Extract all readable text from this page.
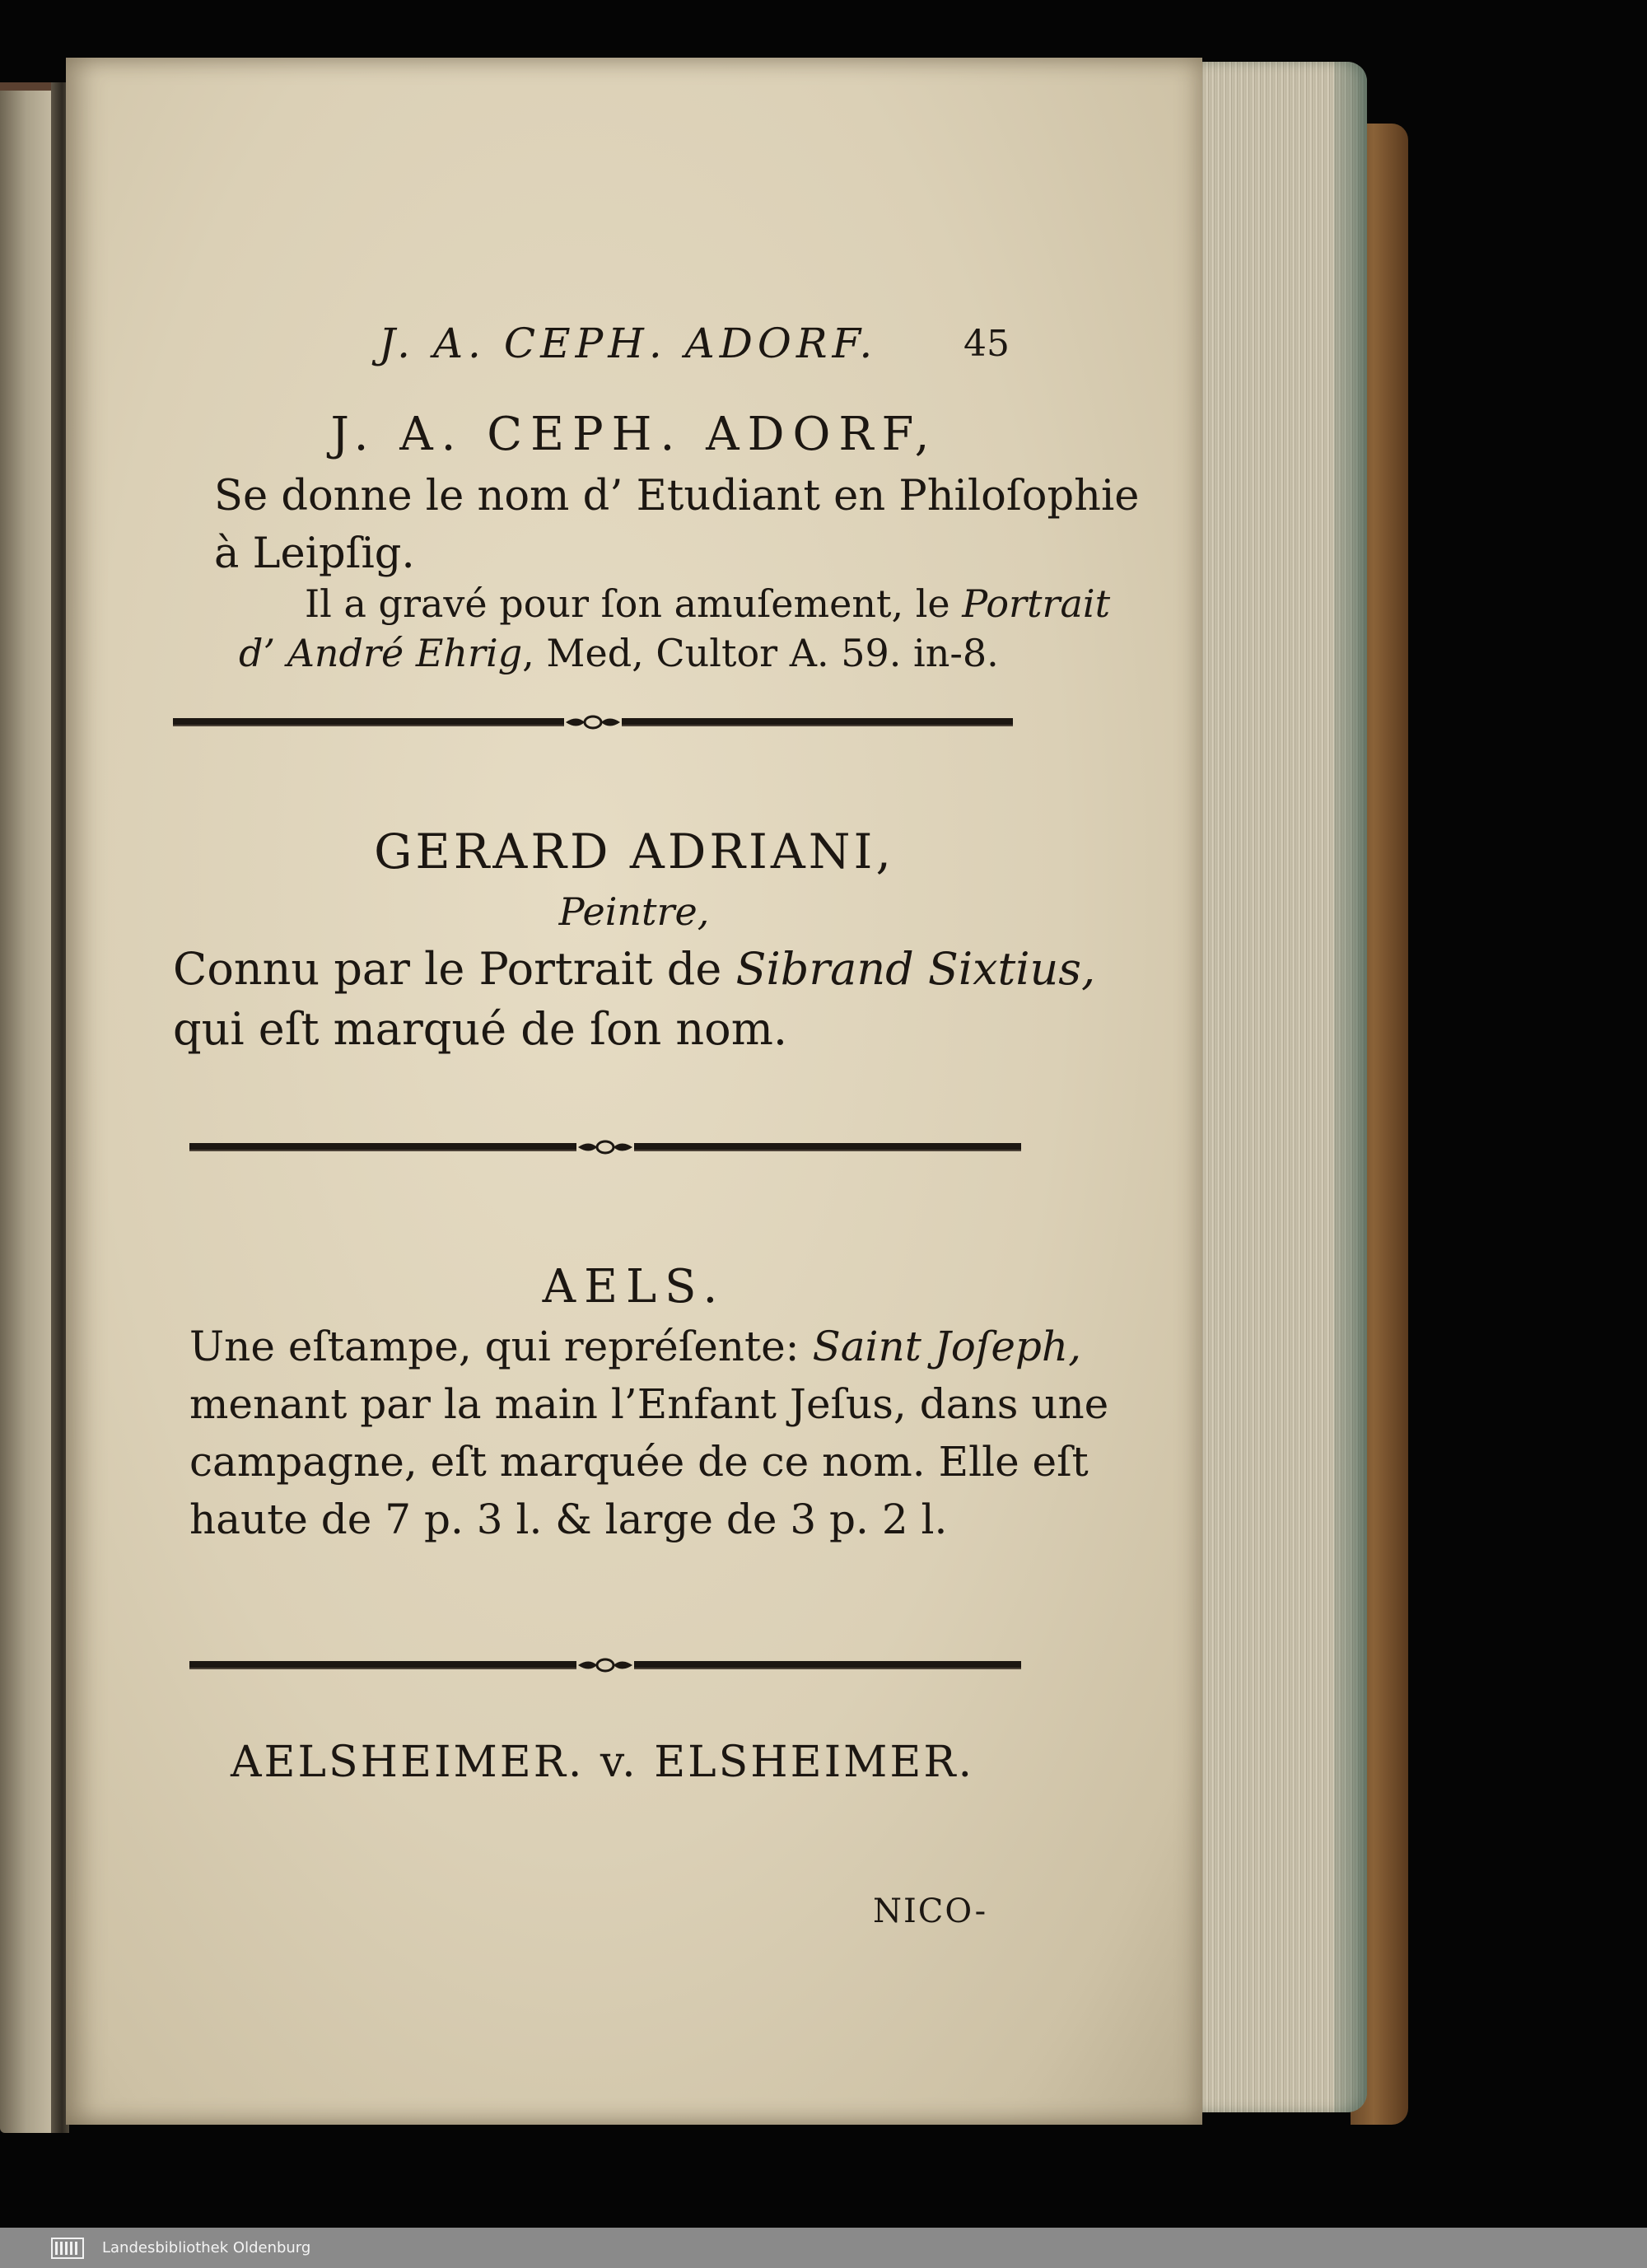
J. A. CEPH. ADORF. 45

J. A. CEPH. ADORF,

Se donne le nom d’ Etudiant en Philoſophie

à Leipſig.

Il a gravé pour ſon amuſement, le Portrait

d’ André Ehrig, Med, Cultor A. 59. in-8.

GERARD ADRIANI,

Peintre,

Connu par le Portrait de Sibrand Sixtius,

qui eſt marqué de ſon nom.

AELS.

Une eſtampe, qui repréſente: Saint Joſeph,

menant par la main l’Enfant Jeſus, dans une

campagne, eſt marquée de ce nom. Elle eſt

haute de 7 p. 3 l. & large de 3 p. 2 l.

AELSHEIMER. v. ELSHEIMER.

NICO-

Landesbibliothek Oldenburg
